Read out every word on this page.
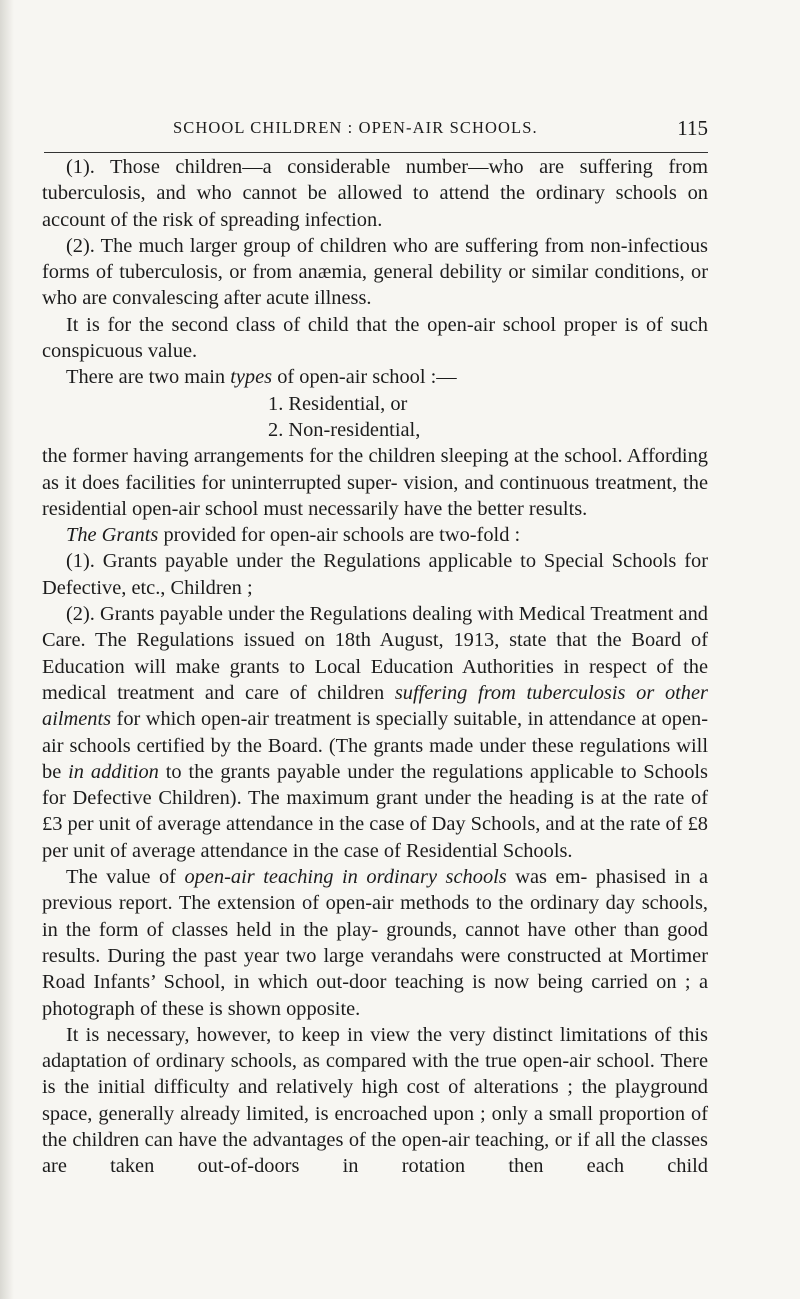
SCHOOL CHILDREN : OPEN-AIR SCHOOLS.	115

(1). Those children—a considerable number—who are suffering from tuberculosis, and who cannot be allowed to attend the ordinary schools on account of the risk of spreading infection.

(2). The much larger group of children who are suffering from non-infectious forms of tuberculosis, or from anæmia, general debility or similar conditions, or who are convalescing after acute illness.

It is for the second class of child that the open-air school proper is of such conspicuous value.

There are two main types of open-air school :—

1. Residential, or

2. Non-residential,

the former having arrangements for the children sleeping at the school. Affording as it does facilities for uninterrupted super- vision, and continuous treatment, the residential open-air school must necessarily have the better results.

The Grants provided for open-air schools are two-fold :

(1). Grants payable under the Regulations applicable to Special Schools for Defective, etc., Children ;

(2). Grants payable under the Regulations dealing with Medical Treatment and Care. The Regulations issued on 18th August, 1913, state that the Board of Education will make grants to Local Education Authorities in respect of the medical treatment and care of children suffering from tuberculosis or other ailments for which open-air treatment is specially suitable, in attendance at open-air schools certified by the Board. (The grants made under these regulations will be in addition to the grants payable under the regulations applicable to Schools for Defective Children). The maximum grant under the heading is at the rate of £3 per unit of average attendance in the case of Day Schools, and at the rate of £8 per unit of average attendance in the case of Residential Schools.

The value of open-air teaching in ordinary schools was em- phasised in a previous report. The extension of open-air methods to the ordinary day schools, in the form of classes held in the play- grounds, cannot have other than good results. During the past year two large verandahs were constructed at Mortimer Road Infants’ School, in which out-door teaching is now being carried on ; a photograph of these is shown opposite.

It is necessary, however, to keep in view the very distinct limitations of this adaptation of ordinary schools, as compared with the true open-air school. There is the initial difficulty and relatively high cost of alterations ; the playground space, generally already limited, is encroached upon ; only a small proportion of the children can have the advantages of the open-air teaching, or if all the classes are taken out-of-doors in rotation then each child
